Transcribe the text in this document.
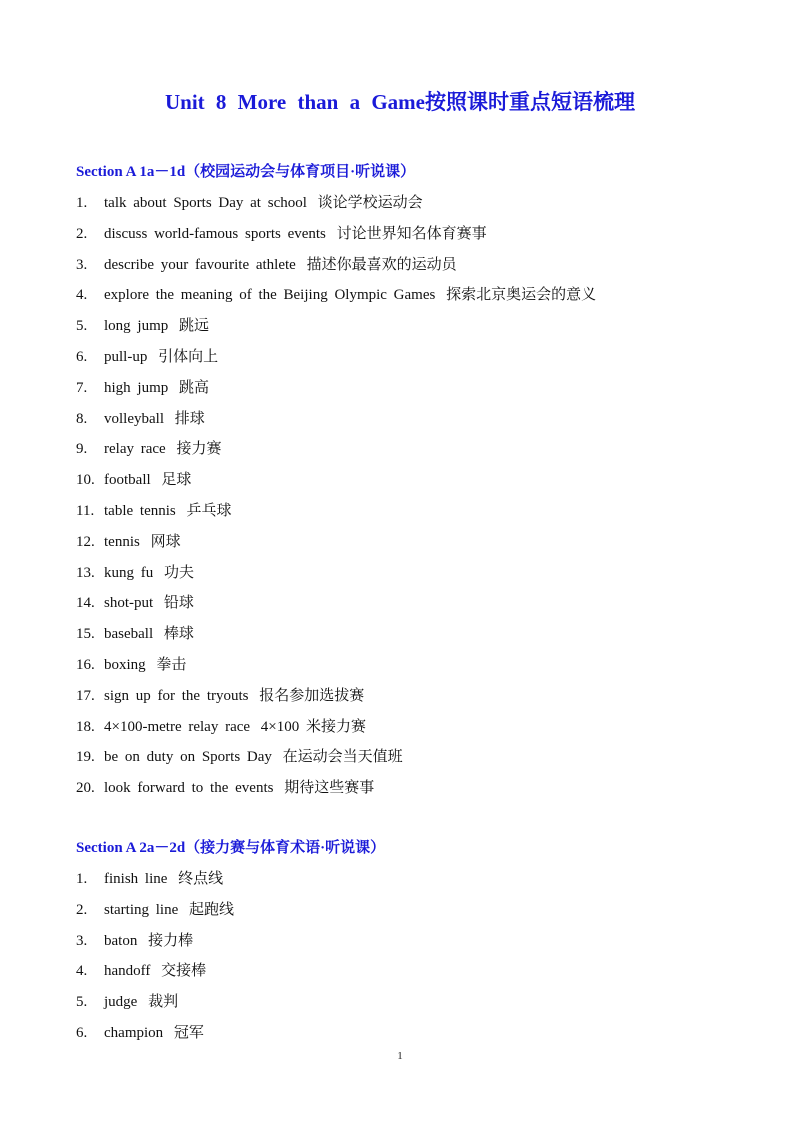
Unit 8 More than a Game按照课时重点短语梳理
Section A 1a－1d（校园运动会与体育项目·听说课）
1. talk about Sports Day at school 谈论学校运动会
2. discuss world-famous sports events 讨论世界知名体育赛事
3. describe your favourite athlete 描述你最喜欢的运动员
4. explore the meaning of the Beijing Olympic Games 探索北京奥运会的意义
5. long jump 跳远
6. pull-up 引体向上
7. high jump 跳高
8. volleyball 排球
9. relay race 接力赛
10. football 足球
11. table tennis 乒乓球
12. tennis 网球
13. kung fu 功夫
14. shot-put 铅球
15. baseball 棒球
16. boxing 拳击
17. sign up for the tryouts 报名参加选拔赛
18. 4×100-metre relay race 4×100 米接力赛
19. be on duty on Sports Day 在运动会当天值班
20. look forward to the events 期待这些赛事
Section A 2a－2d（接力赛与体育术语·听说课）
1. finish line 终点线
2. starting line 起跑线
3. baton 接力棒
4. handoff 交接棒
5. judge 裁判
6. champion 冠军
1
